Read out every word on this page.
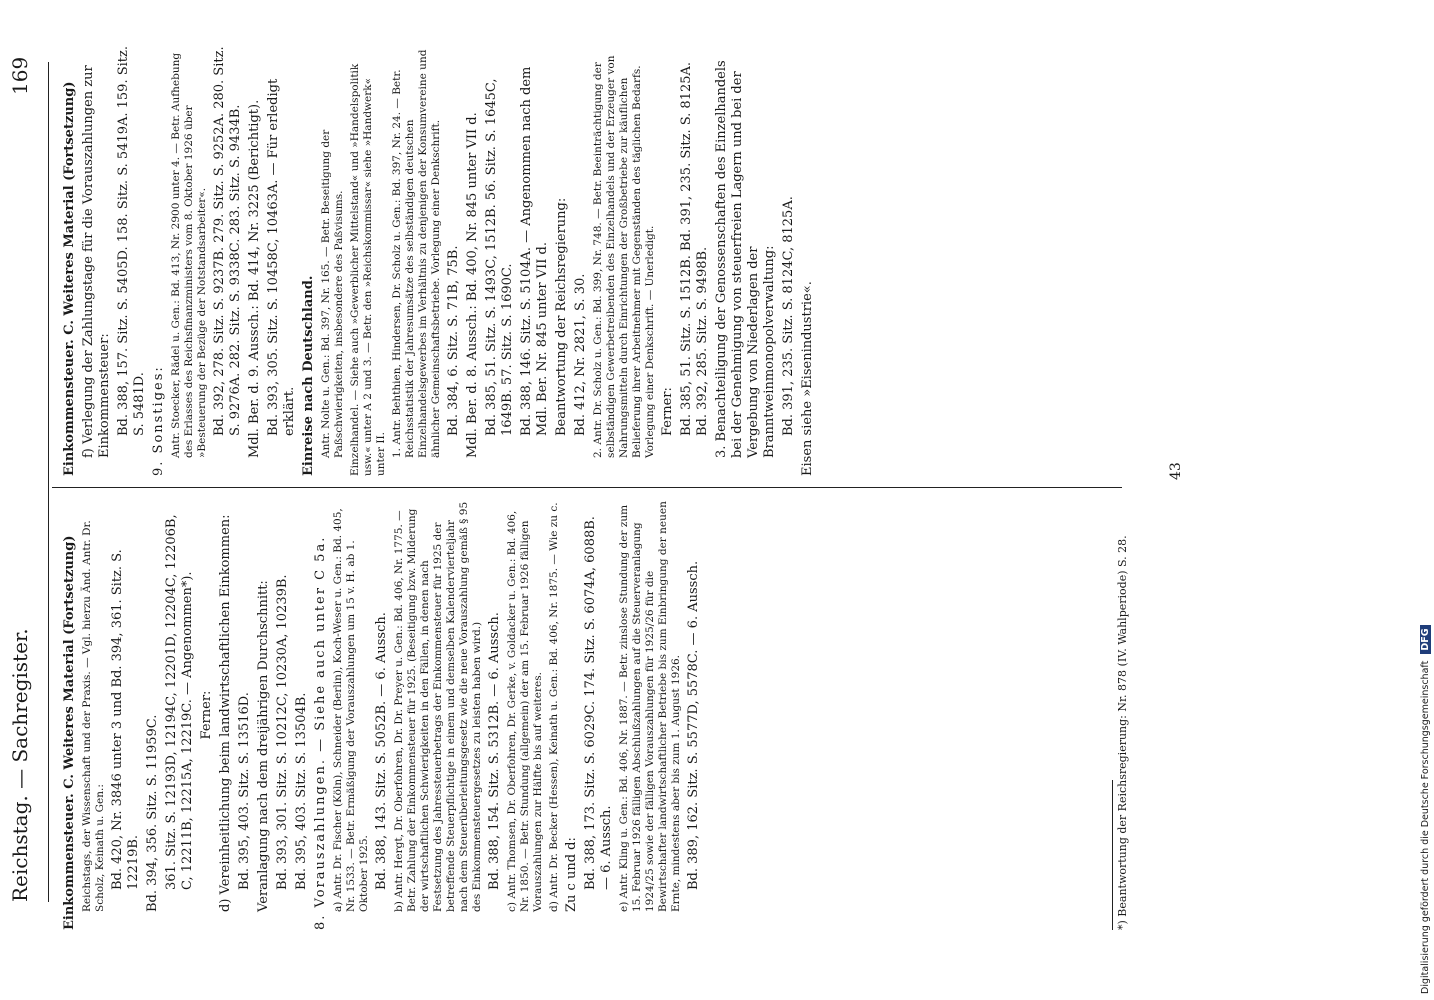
Reichstag. — Sachregister.
169

Einkommensteuer. C. Weiteres Material (Fortsetzung) Reichstags, der Wissenschaft und der Praxis. — Vgl. hierzu Änd. Antr. Dr. Scholz, Keinath u. Gen.: Bd. 420, Nr. 3846 unter 3 und Bd. 394, 361. Sitz. S. 12219B. Bd. 394, 356. Sitz. S. 11959C. 361. Sitz. S. 12193D, 12194C, 12201D, 12204C, 12206B, C, 12211B, 12215A, 12219C. — Angenommen*). Ferner: d) Vereinheitlichung beim landwirtschaftlichen Einkommen: Bd. 395, 403. Sitz. S. 13516D. Veranlagung nach dem dreijährigen Durchschnitt: Bd. 393, 301. Sitz. S. 10212C, 10230A, 10239B. Bd. 395, 403. Sitz. S. 13504B. 8. Vorauszahlungen. — Siehe auch unter C 5a. a) Antr. Dr. Fischer (Köln), Schneider (Berlin), Koch-Weser u. Gen.: Bd. 405, Nr. 1533. — Betr. Ermäßigung der Vorauszahlungen um 15 v. H. ab 1. Oktober 1925. Bd. 388, 143. Sitz. S. 5052B. — 6. Aussch. b) Antr. Hergt, Dr. Oberfohren, Dr. Dr. Preyer u. Gen.: Bd. 406, Nr. 1775. — Betr. Zahlung der Einkommensteuer für 1925. (Beseitigung bzw. Milderung der wirtschaftlichen Schwierigkeiten in den Fällen, in denen nach Festsetzung des Jahressteuerbetrags der Einkommensteuer für 1925 der betreffende Steuerpflichtige in einem und demselben Kalendervierteljahr nach dem Steuerüberleitungsgesetz wie die neue Vorauszahlung gemäß § 95 des Einkommensteuergesetzes zu leisten haben wird.) Bd. 388, 154. Sitz. S. 5312B. — 6. Aussch. c) Antr. Thomsen, Dr. Oberfohren, Dr. Gerke, v. Goldacker u. Gen.: Bd. 406, Nr. 1850. — Betr. Stundung (allgemein) der am 15. Februar 1926 fälligen Vorauszahlungen zur Hälfte bis auf weiteres. d) Antr. Dr. Becker (Hessen), Keinath u. Gen.: Bd. 406, Nr. 1875. — Wie zu c. Zu c und d: Bd. 388, 173. Sitz. S. 6029C. 174. Sitz. S. 6074A, 6088B. — 6. Aussch. e) Antr. Kling u. Gen.: Bd. 406, Nr. 1887. — Betr. zinslose Stundung der zum 15. Februar 1926 fälligen Abschlußzahlungen auf die Steuerveranlagung 1924/25 sowie der fälligen Vorauszahlungen für 1925/26 für die Bewirtschafter landwirtschaftlicher Betriebe bis zum Einbringung der neuen Ernte, mindestens aber bis zum 1. August 1926. Bd. 389, 162. Sitz. S. 5577D, 5578C. — 6. Aussch.	*) Beantwortung der Reichsregierung: Nr. 878 (IV. Wahlperiode) S. 28.

Einkommensteuer. C. Weiteres Material (Fortsetzung) f) Verlegung der Zahlungstage für die Vorauszahlungen zur Einkommensteuer: Bd. 388, 157. Sitz. S. 5405D. 158. Sitz. S. 5419A. 159. Sitz. S. 5481D. 9. Sonstiges: Antr. Stoecker, Rädel u. Gen.: Bd. 413, Nr. 2900 unter 4. — Betr. Aufhebung des Erlasses des Reichsfinanzministers vom 8. Oktober 1926 über »Besteuerung der Bezüge der Notstandsarbeiter«. Bd. 392, 278. Sitz. S. 9237B. 279. Sitz. S. 9252A. 280. Sitz. S. 9276A. 282. Sitz. S. 9338C. 283. Sitz. S. 9434B. Mdl. Ber. d. 9. Aussch.: Bd. 414, Nr. 3225 (Berichtigt). Bd. 393, 305. Sitz. S. 10458C, 10463A. — Für erledigt erklärt. Einreise nach Deutschland. Antr. Nolte u. Gen.: Bd. 397, Nr. 165. — Betr. Beseitigung der Paßschwierigkeiten, insbesondere des Paßvisums. Einzelhandel. — Siehe auch »Gewerblicher Mittelstand« und »Handelspolitik usw.« unter A 2 und 3. — Betr. den »Reichskommissar« siehe »Handwerk« unter II. 1. Antr. Behthien, Hindersen, Dr. Scholz u. Gen.: Bd. 397, Nr. 24. — Betr. Reichsstatistik der Jahresumsätze des selbständigen deutschen Einzelhandelsgewerbes im Verhältnis zu denjenigen der Konsumvereine und ähnlicher Gemeinschaftsbetriebe. Vorlegung einer Denkschrift. Bd. 384, 6. Sitz. S. 71B, 75B. Mdl. Ber. d. 8. Aussch.: Bd. 400, Nr. 845 unter VII d. Bd. 385, 51. Sitz. S. 1493C, 1512B. 56. Sitz. S. 1645C, 1649B. 57. Sitz. S. 1690C. Bd. 388, 146. Sitz. S. 5104A. — Angenommen nach dem Mdl. Ber. Nr. 845 unter VII d. Beantwortung der Reichsregierung: Bd. 412, Nr. 2821, S. 30. 2. Antr. Dr. Scholz u. Gen.: Bd. 399, Nr. 748. — Betr. Beeinträchtigung der selbständigen Gewerbetreibenden des Einzelhandels und der Erzeuger von Nahrungsmitteln durch Einrichtungen der Großbetriebe zur käuflichen Belieferung ihrer Arbeitnehmer mit Gegenständen des täglichen Bedarfs. Vorlegung einer Denkschrift. — Unerledigt. Ferner: Bd. 385, 51. Sitz. S. 1512B. Bd. 391, 235. Sitz. S. 8125A. Bd. 392, 285. Sitz. S. 9498B. 3. Benachteiligung der Genossenschaften des Einzelhandels bei der Genehmigung von steuerfreien Lagern und bei der Vergebung von Niederlagen der Branntweinmonopolverwaltung: Bd. 391, 235. Sitz. S. 8124C, 8125A. Eisen siehe »Eisenindustrie«.	43
Digitalisierung gefördert durch die Deutsche Forschungsgemeinschaft DFG
